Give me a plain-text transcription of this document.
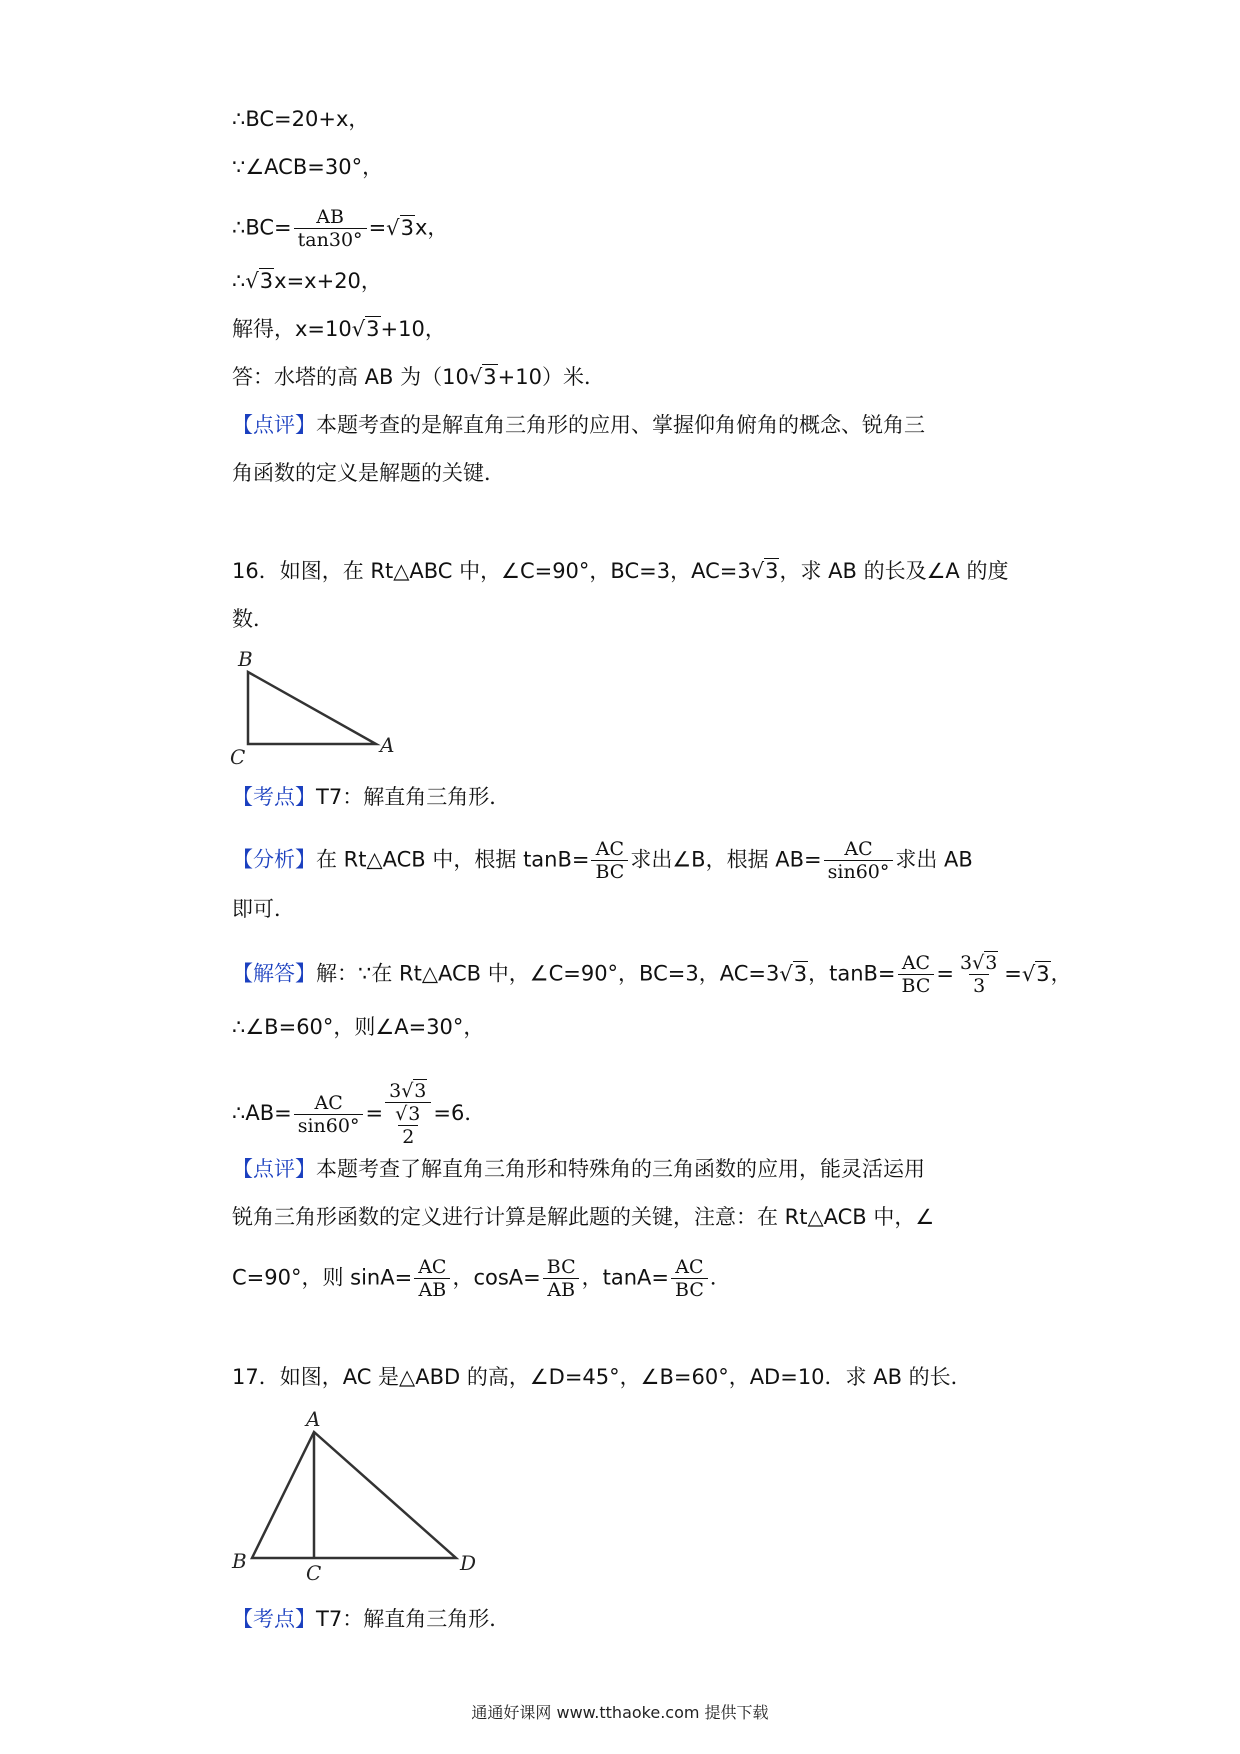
∴BC=20+x，
∵∠ACB=30°，
∴BC= $\frac{AB}{\tan 30^\circ} =√3x$，
∴√3x=x+20，
解得，x=10√3+10，
答：水塔的高 AB 为（10√3+10）米．
【点评】本题考查的是解直角三角形的应用、掌握仰角俯角的概念、锐角三
角函数的定义是解题的关键．
16．如图，在 Rt△ABC 中，∠C=90°，BC=3，AC=3√3，求 AB 的长及∠A 的度
数．
B
C	A
【考点】T7：解直角三角形．
【分析】在 Rt△ACB 中，根据 $\tan B= \frac{AC}{BC}$ 求出∠B，根据 $AB= \frac{AC}{\sin 60^\circ}$ 求出 AB
即可．
【解答】解：∵在 Rt△ACB 中，∠C=90°，BC=3，AC=3√3，$\tan B= \frac{AC}{BC} = \frac{3√3}{3} =√3$，
∴∠B=60°，则∠A=30°，
∴AB= $\frac{AC}{\sin 60^\circ} = \frac{3√3}{\frac{√3}{2}} =6$．
【点评】本题考查了解直角三角形和特殊角的三角函数的应用，能灵活运用
锐角三角形函数的定义进行计算是解此题的关键，注意：在 Rt△ACB 中，∠
C=90°，则 $\sin A= \frac{AC}{AB}$ ，$\cos A= \frac{BC}{AB}$ ，$\tan A= \frac{AC}{BC}$ ．
17．如图，AC 是△ABD 的高，∠D=45°，∠B=60°，AD=10．求 AB 的长．
A
B	C	D
【考点】T7：解直角三角形．
通通好课网 www.tthaoke.com 提供下载
